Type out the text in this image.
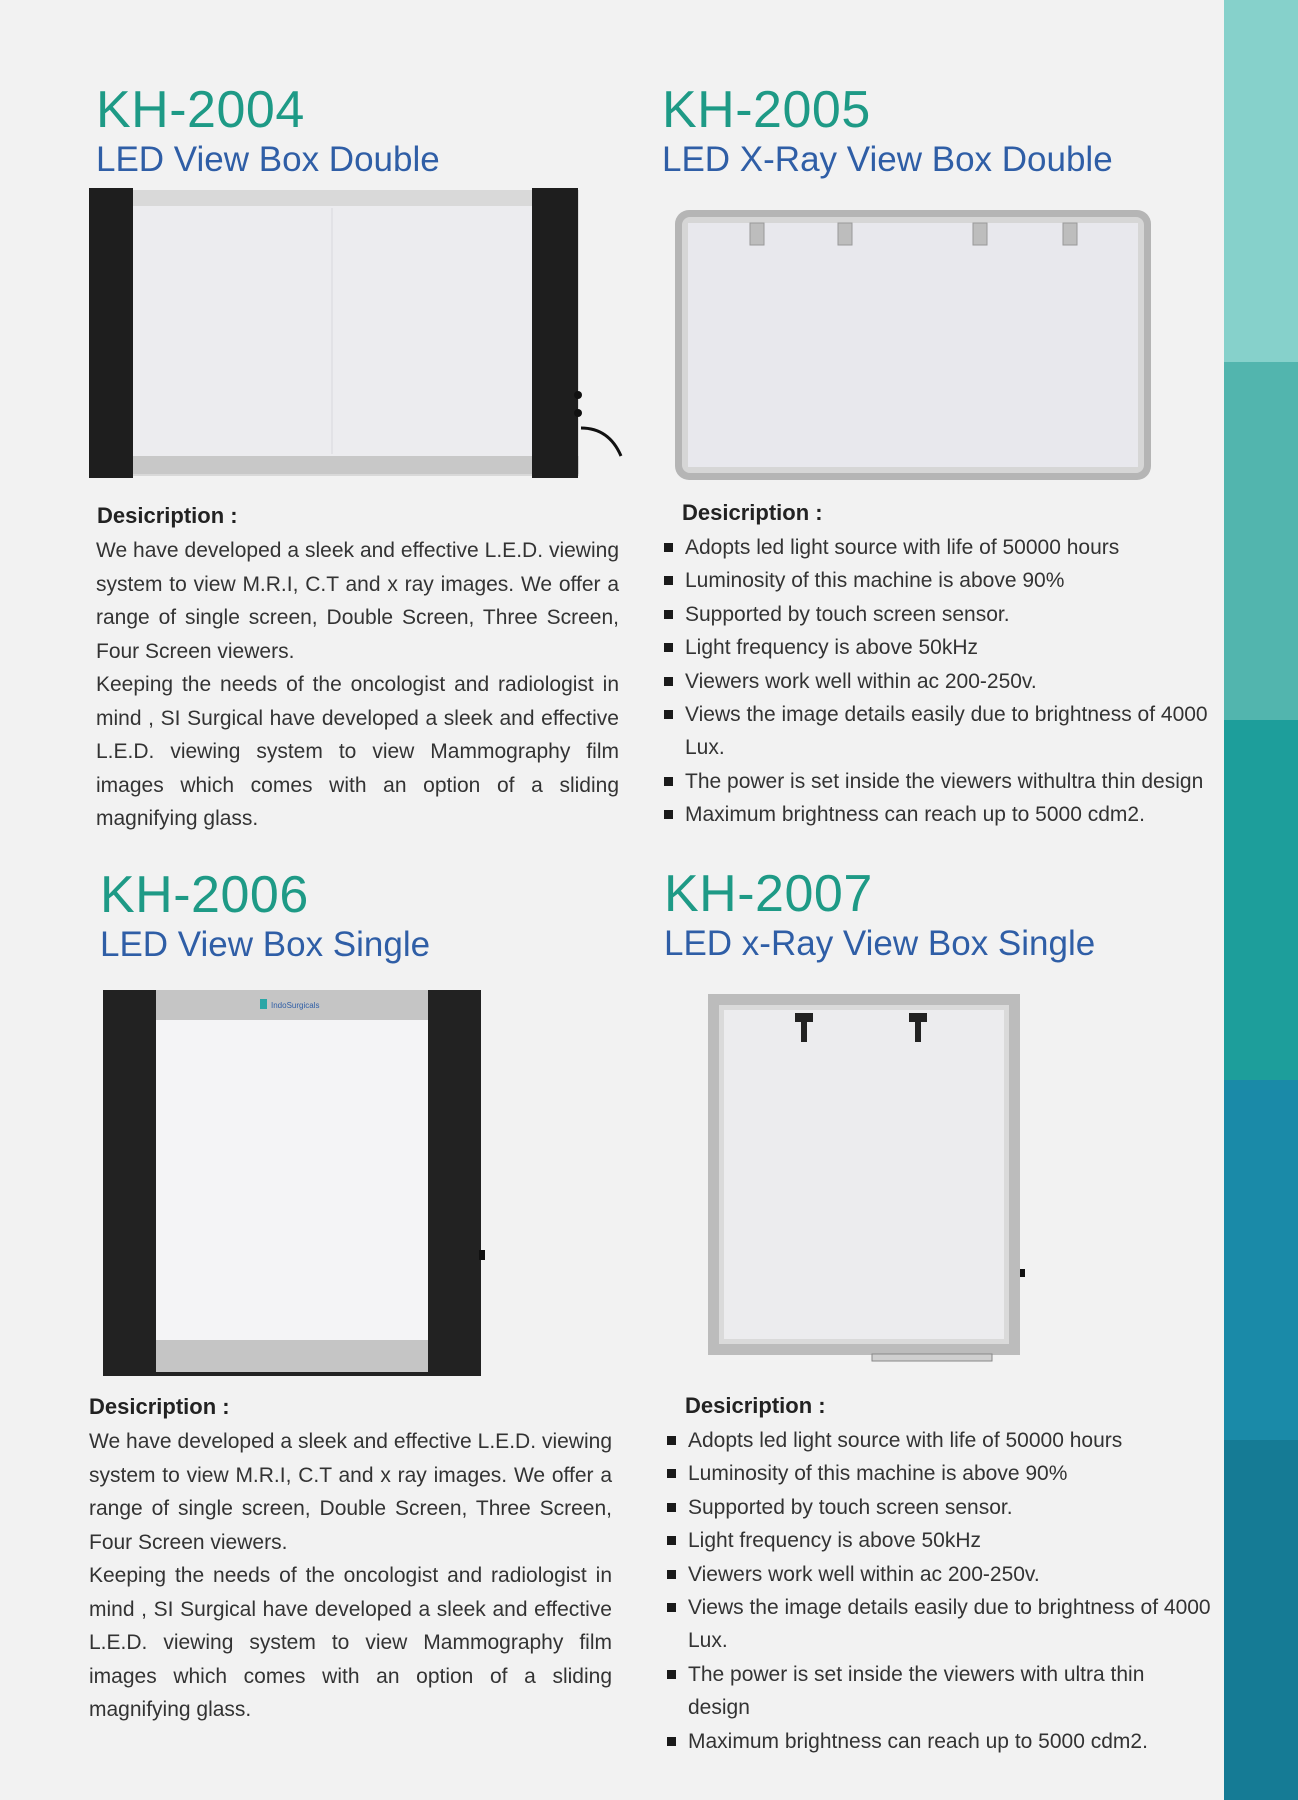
KH-2004
LED View Box Double
Desicription :

We have developed a sleek and effective L.E.D. viewing system to view M.R.I, C.T and x ray images. We offer a range of single screen, Double Screen, Three Screen, Four Screen viewers.

Keeping the needs of the oncologist and radiologist in mind , SI Surgical have developed a sleek and effective L.E.D. viewing system to view Mammography film images which comes with an option of a sliding magnifying glass.

KH-2005
LED X-Ray View Box Double
Desicription :
Adopts led light source with life of 50000 hours
Luminosity of this machine is above 90%
Supported by touch screen sensor.
Light frequency is above 50kHz
Viewers work well within ac 200-250v.
Views the image details easily due to brightness of 4000 Lux.
The power is set inside the viewers withultra thin design
Maximum brightness can reach up to 5000 cdm2.
KH-2006
LED View Box Single
IndoSurgicals
Desicription :

We have developed a sleek and effective L.E.D. viewing system to view M.R.I, C.T and x ray images. We offer a range of single screen, Double Screen, Three Screen, Four Screen viewers.

Keeping the needs of the oncologist and radiologist in mind , SI Surgical have developed a sleek and effective L.E.D. viewing system to view Mammography film images which comes with an option of a sliding magnifying glass.

KH-2007
LED x-Ray View Box Single
Desicription :
Adopts led light source with life of 50000 hours
Luminosity of this machine is above 90%
Supported by touch screen sensor.
Light frequency is above 50kHz
Viewers work well within ac 200-250v.
Views the image details easily due to brightness of 4000 Lux.
The power is set inside the viewers with ultra thin design
Maximum brightness can reach up to 5000 cdm2.
